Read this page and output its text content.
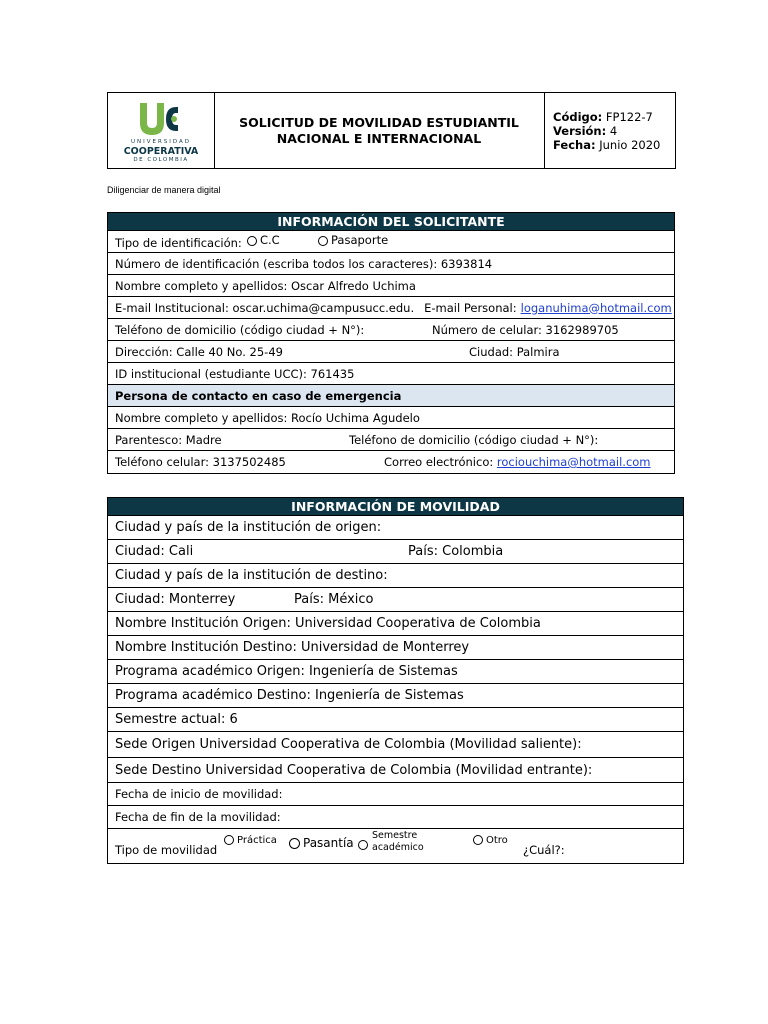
UNIVERSIDAD
COOPERATIVA
DE COLOMBIA
SOLICITUD DE MOVILIDAD ESTUDIANTIL
NACIONAL E INTERNACIONAL
Código: FP122-7
Versión: 4
Fecha: Junio 2020
Diligenciar de manera digital
INFORMACIÓN DEL SOLICITANTE
Tipo de identificación:	C.C	Pasaporte
Número de identificación (escriba todos los caracteres): 6393814
Nombre completo y apellidos: Oscar Alfredo Uchima
E-mail Institucional: oscar.uchima@campusucc.edu. E-mail Personal: loganuhima@hotmail.com
Teléfono de domicilio (código ciudad + N°):	Número de celular: 3162989705
Dirección: Calle 40 No. 25-49	Ciudad: Palmira
ID institucional (estudiante UCC): 761435
Persona de contacto en caso de emergencia
Nombre completo y apellidos: Rocío Uchima Agudelo
Parentesco: Madre	Teléfono de domicilio (código ciudad + N°):
Teléfono celular: 3137502485	Correo electrónico: rociouchima@hotmail.com
INFORMACIÓN DE MOVILIDAD
Ciudad y país de la institución de origen:
Ciudad: Cali	País: Colombia
Ciudad y país de la institución de destino:
Ciudad: Monterrey	País: México
Nombre Institución Origen: Universidad Cooperativa de Colombia
Nombre Institución Destino: Universidad de Monterrey
Programa académico Origen: Ingeniería de Sistemas
Programa académico Destino: Ingeniería de Sistemas
Semestre actual: 6
Sede Origen Universidad Cooperativa de Colombia (Movilidad saliente):
Sede Destino Universidad Cooperativa de Colombia (Movilidad entrante):
Fecha de inicio de movilidad:
Fecha de fin de la movilidad:
Tipo de movilidad
Práctica	Pasantía
Semestre
académico
Otro
¿Cuál?:
